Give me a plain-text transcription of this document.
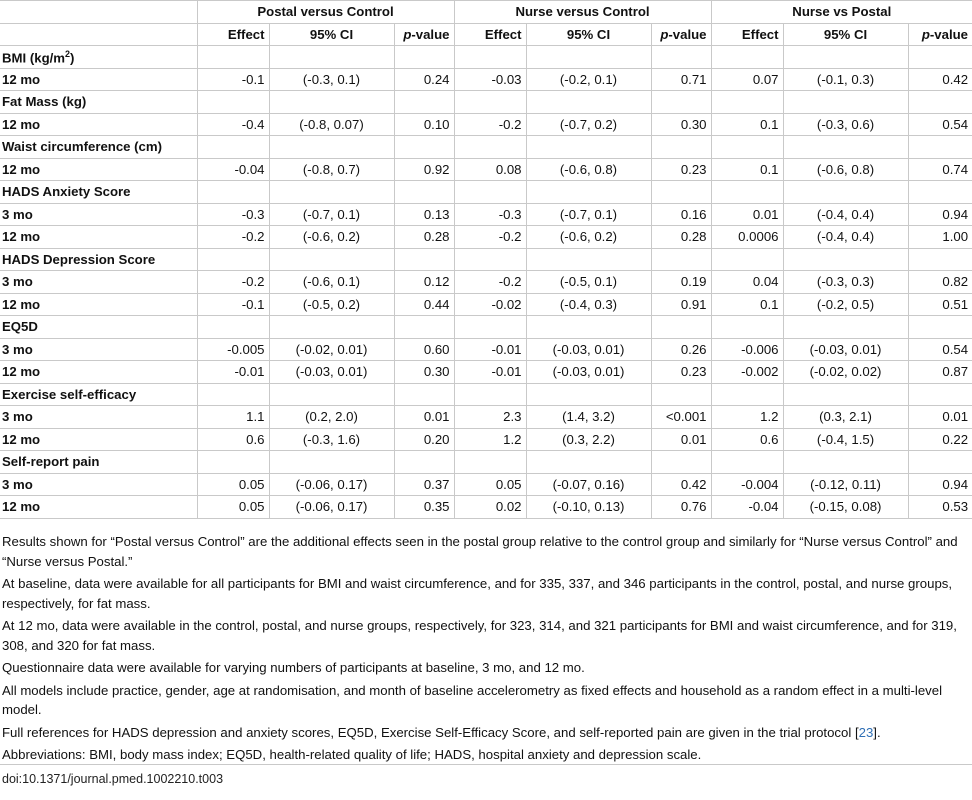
	Postal versus Control			Nurse versus Control			Nurse vs Postal		
	Effect	95% CI	p-value	Effect	95% CI	p-value	Effect	95% CI	p-value
BMI $(kg/m^2)$									
12 mo	-0.1	(-0.3, 0.1)	0.24	-0.03	(-0.2, 0.1)	0.71	0.07	(-0.1, 0.3)	0.42
Fat Mass (kg)									
12 mo	-0.4	(-0.8, 0.07)	0.10	-0.2	(-0.7, 0.2)	0.30	0.1	(-0.3, 0.6)	0.54
Waist circumference (cm)									
12 mo	-0.04	(-0.8, 0.7)	0.92	0.08	(-0.6, 0.8)	0.23	0.1	(-0.6, 0.8)	0.74
HADS Anxiety Score									
3 mo	-0.3	(-0.7, 0.1)	0.13	-0.3	(-0.7, 0.1)	0.16	0.01	(-0.4, 0.4)	0.94
12 mo	-0.2	(-0.6, 0.2)	0.28	-0.2	(-0.6, 0.2)	0.28	0.0006	(-0.4, 0.4)	1.00
HADS Depression Score									
3 mo	-0.2	(-0.6, 0.1)	0.12	-0.2	(-0.5, 0.1)	0.19	0.04	(-0.3, 0.3)	0.82
12 mo	-0.1	(-0.5, 0.2)	0.44	-0.02	(-0.4, 0.3)	0.91	0.1	(-0.2, 0.5)	0.51
EQ5D									
3 mo	-0.005	(-0.02, 0.01)	0.60	-0.01	(-0.03, 0.01)	0.26	-0.006	(-0.03, 0.01)	0.54
12 mo	-0.01	(-0.03, 0.01)	0.30	-0.01	(-0.03, 0.01)	0.23	-0.002	(-0.02, 0.02)	0.87
Exercise self-efficacy									
3 mo	1.1	(0.2, 2.0)	0.01	2.3	(1.4, 3.2)	<0.001	1.2	(0.3, 2.1)	0.01
12 mo	0.6	(-0.3, 1.6)	0.20	1.2	(0.3, 2.2)	0.01	0.6	(-0.4, 1.5)	0.22
Self-report pain									
3 mo	0.05	(-0.06, 0.17)	0.37	0.05	(-0.07, 0.16)	0.42	-0.004	(-0.12, 0.11)	0.94
12 mo	0.05	(-0.06, 0.17)	0.35	0.02	(-0.10, 0.13)	0.76	-0.04	(-0.15, 0.08)	0.53

Results shown for “Postal versus Control” are the additional effects seen in the postal group relative to the control group and similarly for “Nurse versus Control” and “Nurse versus Postal.”

At baseline, data were available for all participants for BMI and waist circumference, and for 335, 337, and 346 participants in the control, postal, and nurse groups, respectively, for fat mass.

At 12 mo, data were available in the control, postal, and nurse groups, respectively, for 323, 314, and 321 participants for BMI and waist circumference, and for 319, 308, and 320 for fat mass.

Questionnaire data were available for varying numbers of participants at baseline, 3 mo, and 12 mo.

All models include practice, gender, age at randomisation, and month of baseline accelerometry as fixed effects and household as a random effect in a multi-level model.

Full references for HADS depression and anxiety scores, EQ5D, Exercise Self-Efficacy Score, and self-reported pain are given in the trial protocol [23].

Abbreviations: BMI, body mass index; EQ5D, health-related quality of life; HADS, hospital anxiety and depression scale.

doi:10.1371/journal.pmed.1002210.t003
